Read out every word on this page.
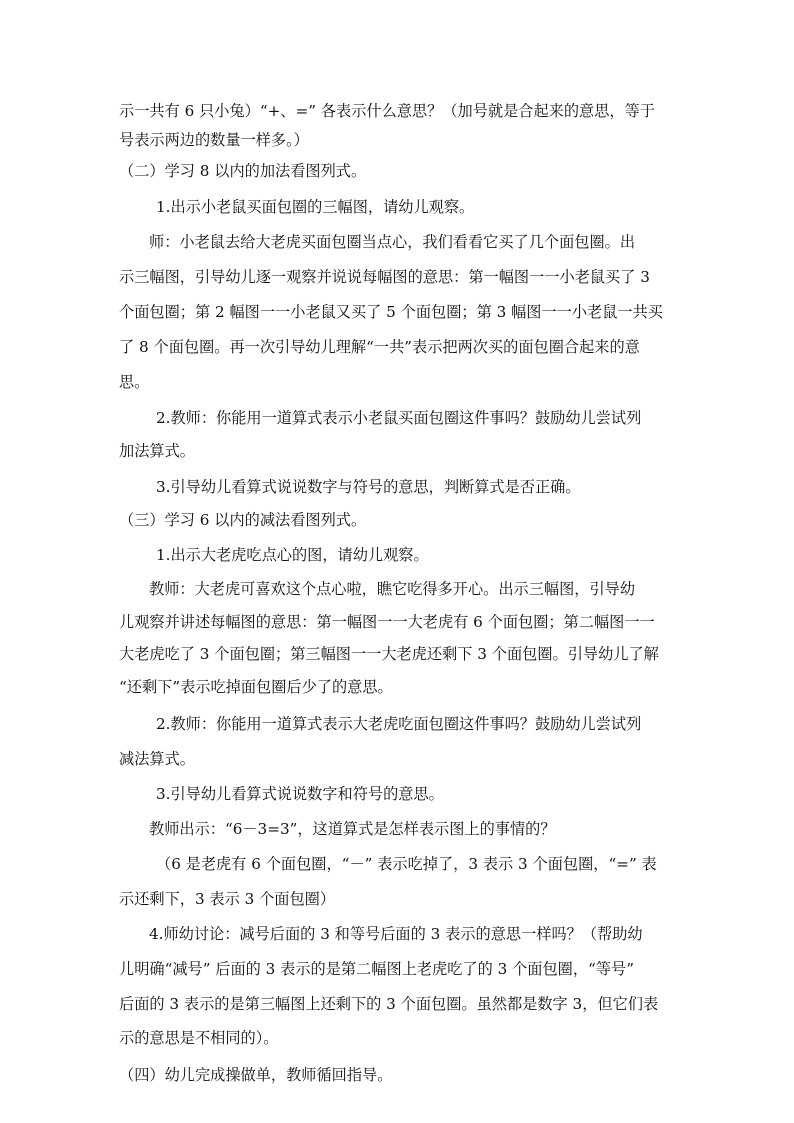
示一共有 6 只小兔）“+、=” 各表示什么意思？（加号就是合起来的意思，等于
号表示两边的数量一样多。）
（二）学习 8 以内的加法看图列式。
1.出示小老鼠买面包圈的三幅图，请幼儿观察。
师：小老鼠去给大老虎买面包圈当点心，我们看看它买了几个面包圈。出
示三幅图，引导幼儿逐一观察并说说每幅图的意思：第一幅图一一小老鼠买了 3
个面包圈；第 2 幅图一一小老鼠又买了 5 个面包圈；第 3 幅图一一小老鼠一共买
了 8 个面包圈。再一次引导幼儿理解“一共”表示把两次买的面包圈合起来的意
思。
2.教师：你能用一道算式表示小老鼠买面包圈这件事吗？鼓励幼儿尝试列
加法算式。
3.引导幼儿看算式说说数字与符号的意思，判断算式是否正确。
（三）学习 6 以内的减法看图列式。
1.出示大老虎吃点心的图，请幼儿观察。
教师：大老虎可喜欢这个点心啦，瞧它吃得多开心。出示三幅图，引导幼
儿观察并讲述每幅图的意思：第一幅图一一大老虎有 6 个面包圈；第二幅图一一
大老虎吃了 3 个面包圈；第三幅图一一大老虎还剩下 3 个面包圈。引导幼儿了解
“还剩下”表示吃掉面包圈后少了的意思。
2.教师：你能用一道算式表示大老虎吃面包圈这件事吗？鼓励幼儿尝试列
减法算式。
3.引导幼儿看算式说说数字和符号的意思。
教师出示：“6－3=3”，这道算式是怎样表示图上的事情的？
（6 是老虎有 6 个面包圈，“－” 表示吃掉了，3 表示 3 个面包圈，“=” 表
示还剩下，3 表示 3 个面包圈）
4.师幼讨论：减号后面的 3 和等号后面的 3 表示的意思一样吗？（帮助幼
儿明确“减号” 后面的 3 表示的是第二幅图上老虎吃了的 3 个面包圈，“等号”
后面的 3 表示的是第三幅图上还剩下的 3 个面包圈。虽然都是数字 3，但它们表
示的意思是不相同的）。
（四）幼儿完成操做单，教师循回指导。
